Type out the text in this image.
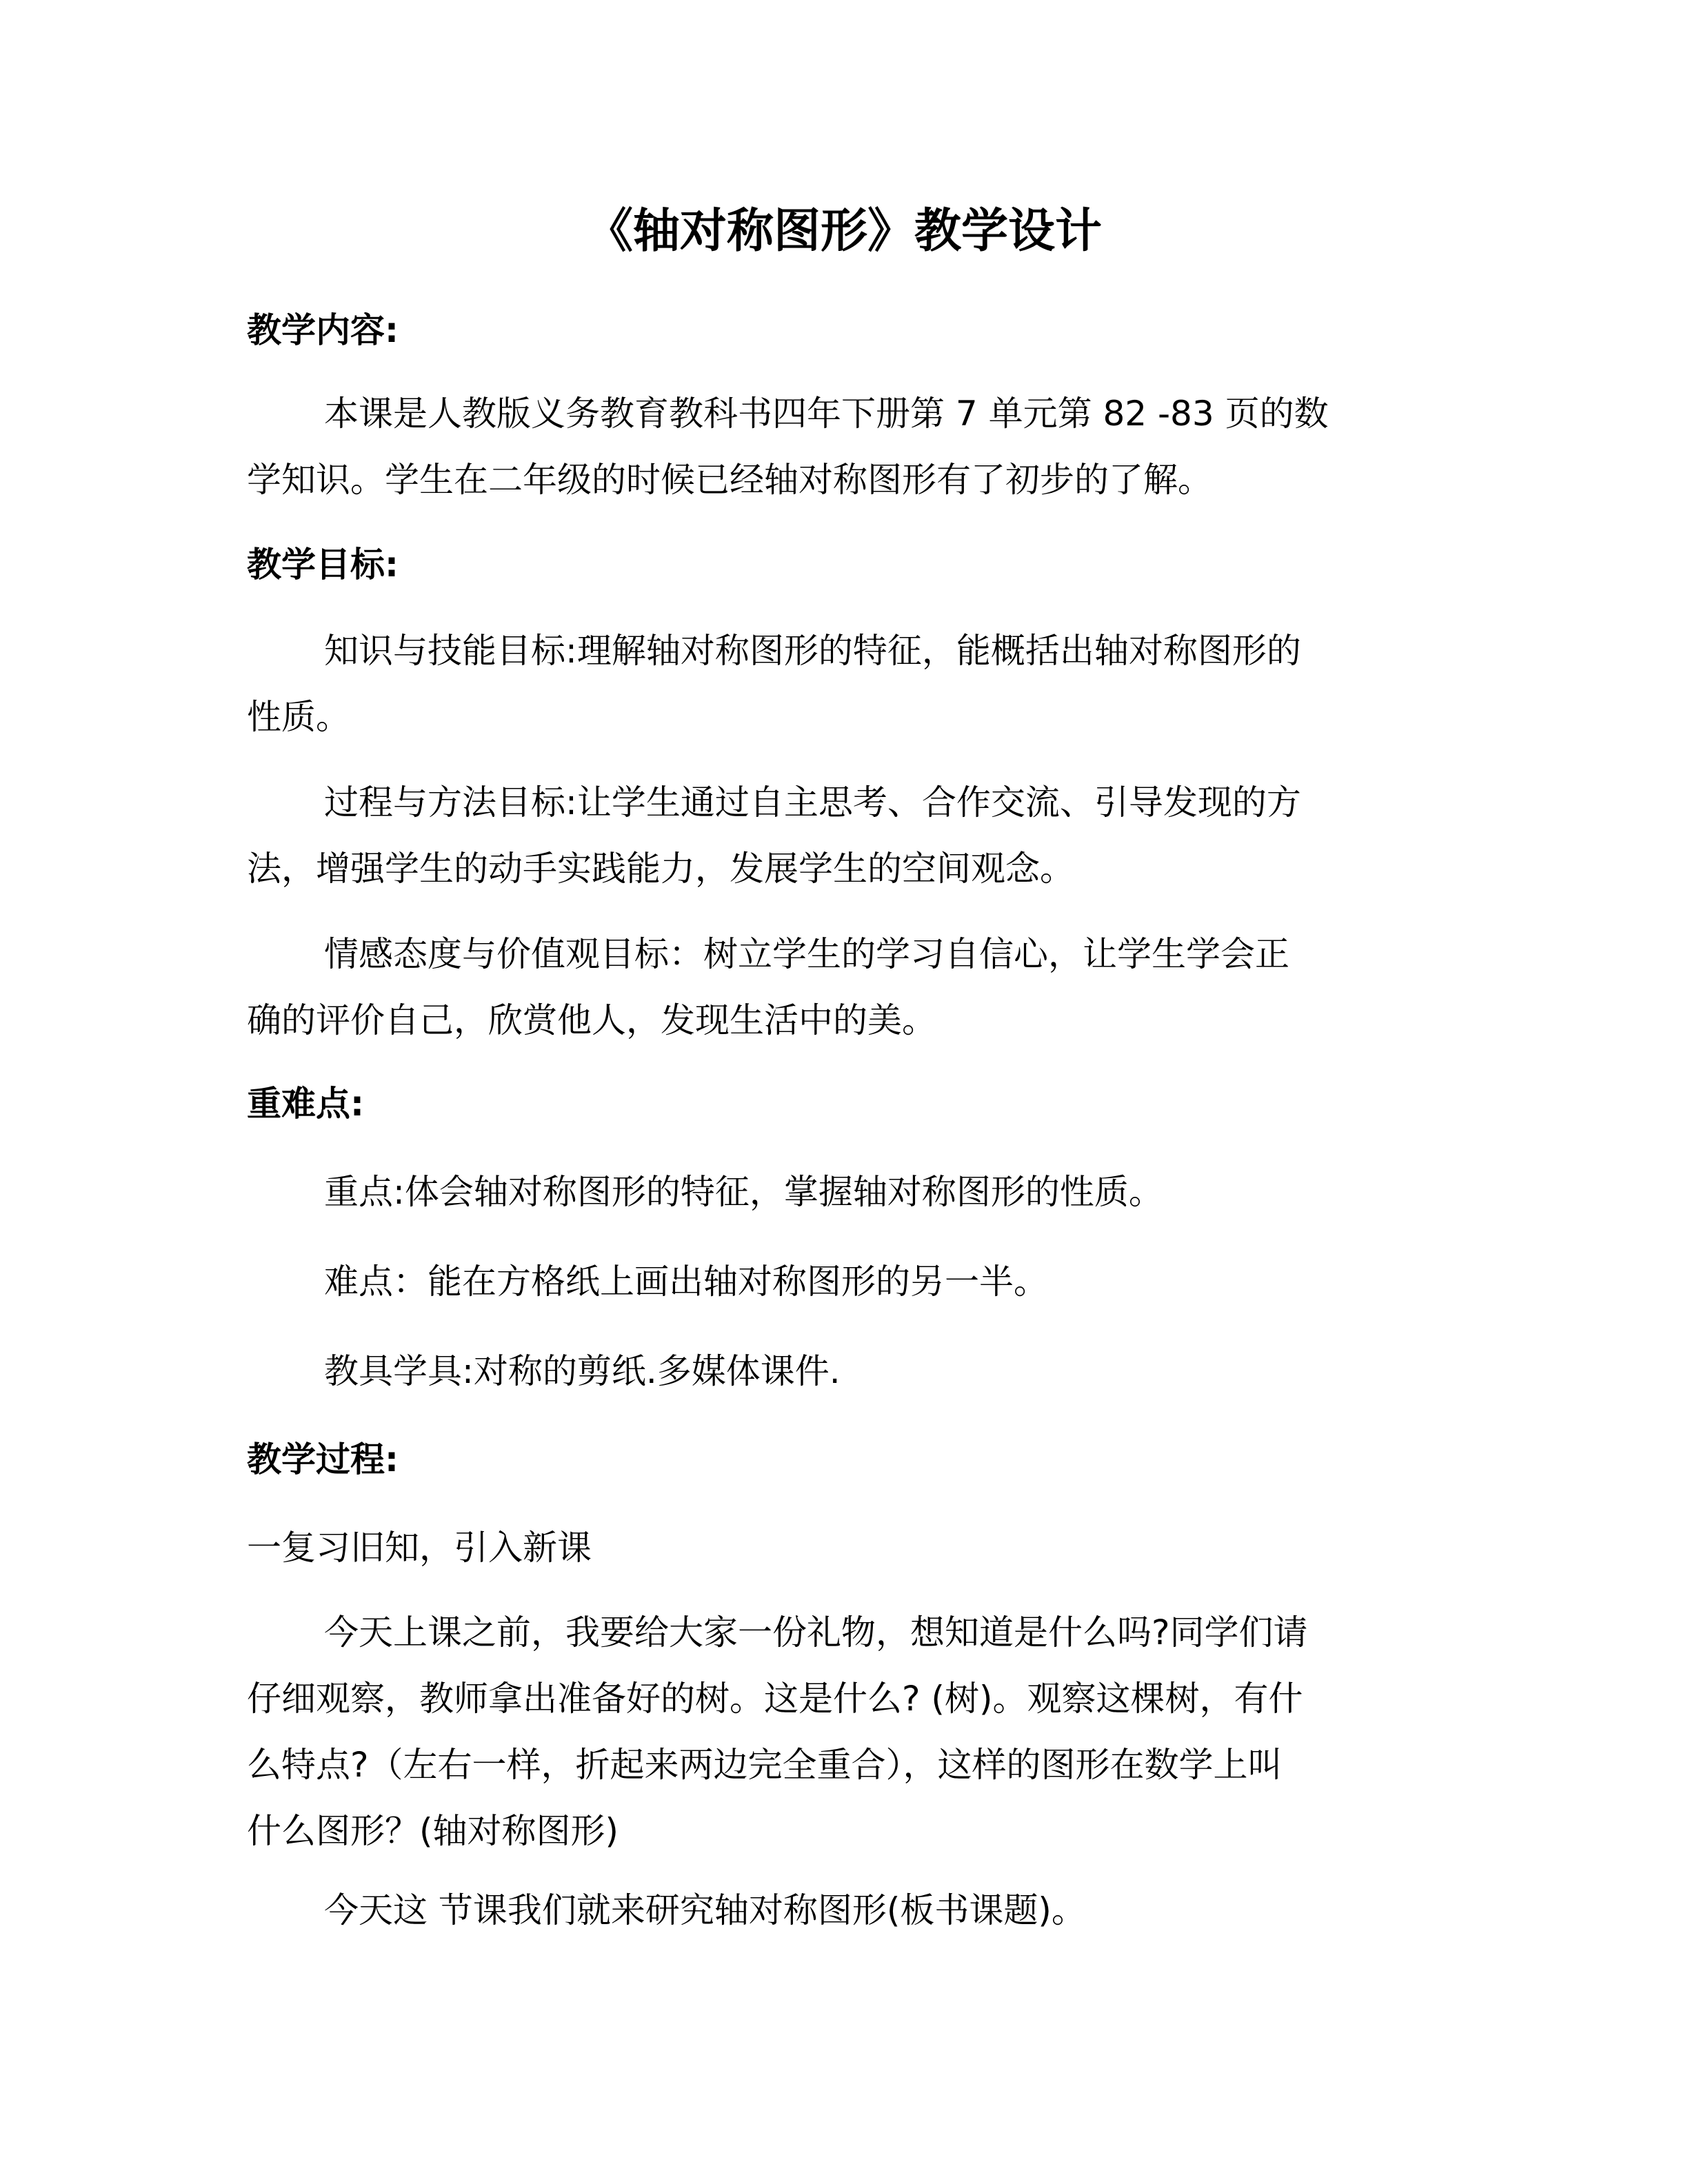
《轴对称图形》教学设计
教学内容:
本课是人教版义务教育教科书四年下册第 7 单元第 82 -83 页的数
学知识。学生在二年级的时候已经轴对称图形有了初步的了解。
教学目标:
知识与技能目标:理解轴对称图形的特征，能概括出轴对称图形的
性质。
过程与方法目标:让学生通过自主思考、合作交流、引导发现的方
法，增强学生的动手实践能力，发展学生的空间观念。
情感态度与价值观目标：树立学生的学习自信心，让学生学会正
确的评价自己，欣赏他人，发现生活中的美。
重难点:
重点:体会轴对称图形的特征，掌握轴对称图形的性质。
难点：能在方格纸上画出轴对称图形的另一半。
教具学具:对称的剪纸.多媒体课件.
教学过程:
一复习旧知，引入新课
今天上课之前，我要给大家一份礼物，想知道是什么吗?同学们请
仔细观察，教师拿出准备好的树。这是什么? (树)。观察这棵树，有什
么特点?（左右一样，折起来两边完全重合），这样的图形在数学上叫
什么图形？(轴对称图形)
今天这 节课我们就来研究轴对称图形(板书课题)。
